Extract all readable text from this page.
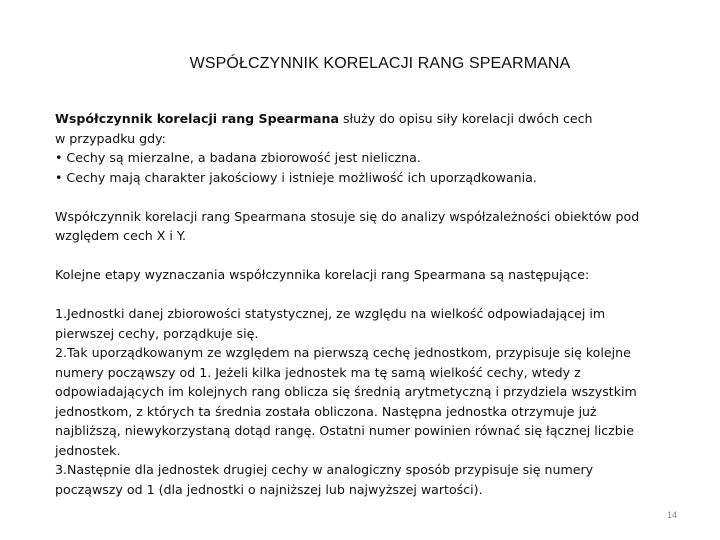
WSPÓŁCZYNNIK KORELACJI RANG SPEARMANA

Współczynnik korelacji rang Spearmana służy do opisu siły korelacji dwóch cech

w przypadku gdy:

• Cechy są mierzalne, a badana zbiorowość jest nieliczna.

• Cechy mają charakter jakościowy i istnieje możliwość ich uporządkowania.

Współczynnik korelacji rang Spearmana stosuje się do analizy współzależności obiektów pod

względem cech X i Y.

Kolejne etapy wyznaczania współczynnika korelacji rang Spearmana są następujące:

1.Jednostki danej zbiorowości statystycznej, ze względu na wielkość odpowiadającej im

pierwszej cechy, porządkuje się.

2.Tak uporządkowanym ze względem na pierwszą cechę jednostkom, przypisuje się kolejne

numery począwszy od 1. Jeżeli kilka jednostek ma tę samą wielkość cechy, wtedy z

odpowiadających im kolejnych rang oblicza się średnią arytmetyczną i przydziela wszystkim

jednostkom, z których ta średnia została obliczona. Następna jednostka otrzymuje już

najbliższą, niewykorzystaną dotąd rangę. Ostatni numer powinien równać się łącznej liczbie

jednostek.

3.Następnie dla jednostek drugiej cechy w analogiczny sposób przypisuje się numery

począwszy od 1 (dla jednostki o najniższej lub najwyższej wartości).

14
